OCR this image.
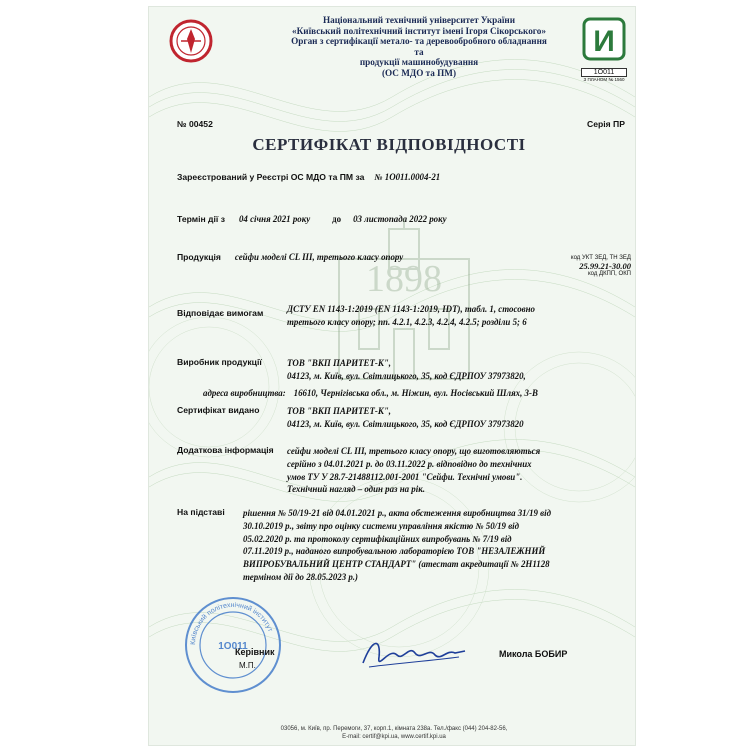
И
1О011
З ПЛАНОМ № 1560
Національний технічний університет України
«Київський політехнічний інститут імені Ігоря Сікорського»
Орган з сертифікації метало- та деревообробного обладнання та
продукції машинобудування
(ОС МДО та ПМ)
№ 00452	Серія ПР
СЕРТИФІКАТ ВІДПОВІДНОСТІ
Зареєстрований у Реєстрі ОС МДО та ПМ за № 1О011.0004-21
Термін дії з 04 січня 2021 року до 03 листопада 2022 року
1898
Продукція сейфи моделі CL III, третього класу опору	код УКТ ЗЕД, ТН ЗЕД
25.99.21-30.00
код ДКПП, ОКП
Відповідає вимогам	ДСТУ EN 1143-1:2019 (EN 1143-1:2019, IDT), табл. 1, стосовно
третього класу опору; пп. 4.2.1, 4.2.3, 4.2.4, 4.2.5; розділи 5; 6
Виробник продукції	ТОВ "ВКП ПАРИТЕТ-К",
04123, м. Київ, вул. Світлицького, 35, код ЄДРПОУ 37973820,
адреса виробництва: 16610, Чернігівська обл., м. Ніжин, вул. Носівський Шлях, 3-В
Сертифікат видано	ТОВ "ВКП ПАРИТЕТ-К",
04123, м. Київ, вул. Світлицького, 35, код ЄДРПОУ 37973820
Додаткова інформація сейфи моделі CL III, третього класу опору, що виготовляються
серійно з 04.01.2021 р. до 03.11.2022 р. відповідно до технічних
умов ТУ У 28.7-21488112.001-2001 "Сейфи. Технічні умови".
Технічний нагляд – один раз на рік.
На підставі рішення № 50/19-21 від 04.01.2021 р., акта обстеження виробництва 31/19 від
30.10.2019 р., звіту про оцінку системи управління якістю № 50/19 від
05.02.2020 р. та протоколу сертифікаційних випробувань № 7/19 від
07.11.2019 р., наданого випробувальною лабораторією ТОВ "НЕЗАЛЕЖНИЙ
ВИПРОБУВАЛЬНИЙ ЦЕНТР СТАНДАРТ" (атестат акредитації № 2Н1128
терміном дії до 28.05.2023 р.)
Київський політехнічний інститут
1О011
Керівник
М.П.
Микола БОБИР
03056, м. Київ, пр. Перемоги, 37, корп.1, кімната 238а. Тел./факс (044) 204-82-56,
E-mail: certif@kpi.ua, www.certif.kpi.ua
